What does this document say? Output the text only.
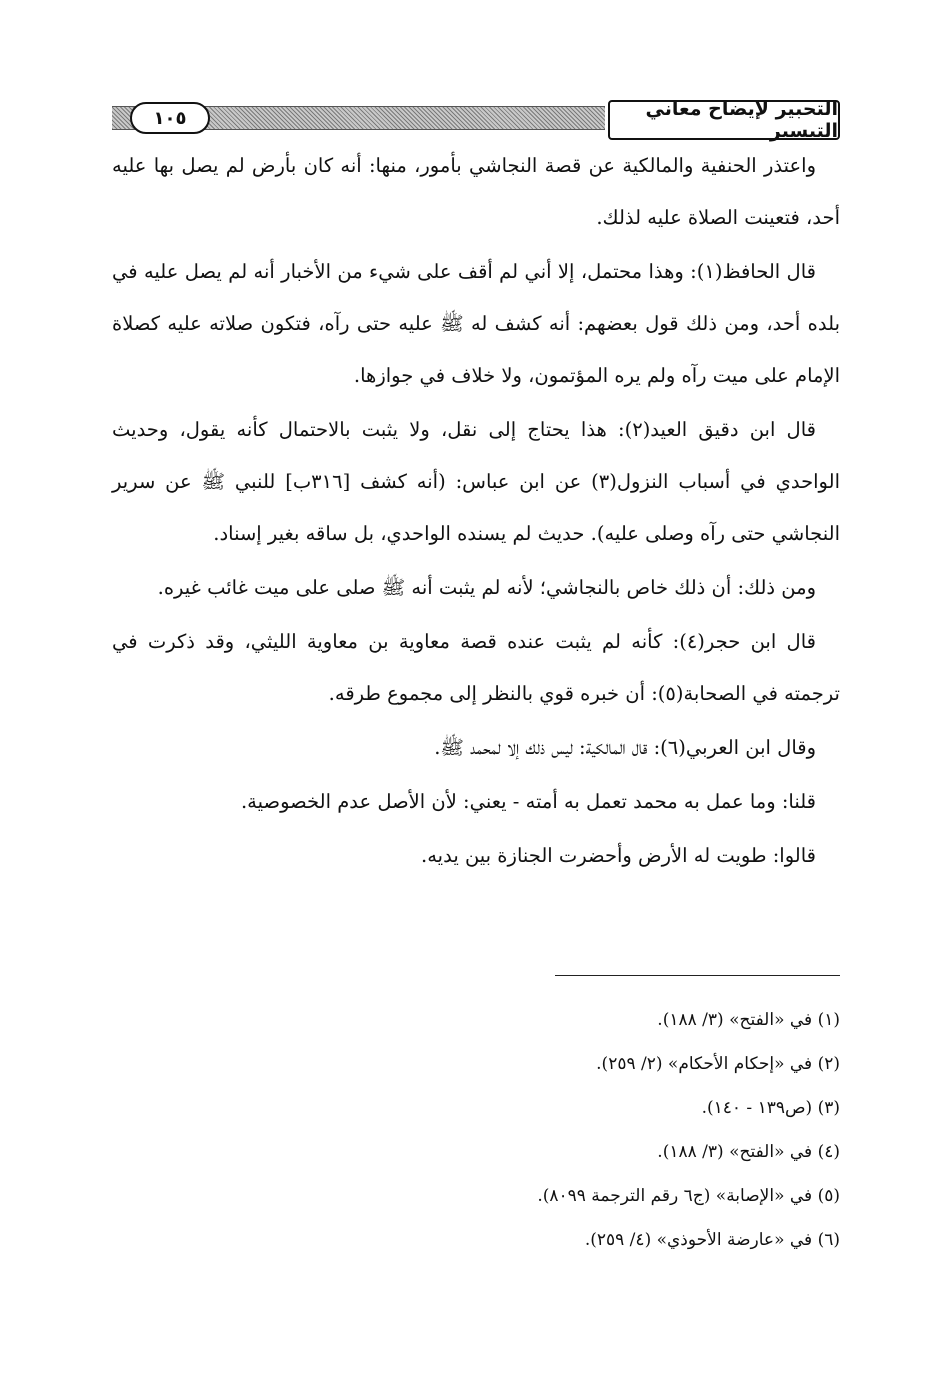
١٠٥	التحبير لإيضاح معاني التيسير

واعتذر الحنفية والمالكية عن قصة النجاشي بأمور، منها: أنه كان بأرض لم يصل بها عليه أحد، فتعينت الصلاة عليه لذلك.

قال الحافظ(١): وهذا محتمل، إلا أني لم أقف على شيء من الأخبار أنه لم يصل عليه في بلده أحد، ومن ذلك قول بعضهم: أنه كشف له ﷺ عليه حتى رآه، فتكون صلاته عليه كصلاة الإمام على ميت رآه ولم يره المؤتمون، ولا خلاف في جوازها.

قال ابن دقيق العيد(٢): هذا يحتاج إلى نقل، ولا يثبت بالاحتمال كأنه يقول، وحديث الواحدي في أسباب النزول(٣) عن ابن عباس: (أنه كشف [٣١٦ب] للنبي ﷺ عن سرير النجاشي حتى رآه وصلى عليه). حديث لم يسنده الواحدي، بل ساقه بغير إسناد.

ومن ذلك: أن ذلك خاص بالنجاشي؛ لأنه لم يثبت أنه ﷺ صلى على ميت غائب غيره.

قال ابن حجر(٤): كأنه لم يثبت عنده قصة معاوية بن معاوية الليثي، وقد ذكرت في ترجمته في الصحابة(٥): أن خبره قوي بالنظر إلى مجموع طرقه.

وقال ابن العربي(٦): قال المالكية: ليس ذلك إلا لمحمد ﷺ.

قلنا: وما عمل به محمد تعمل به أمته - يعني: لأن الأصل عدم الخصوصية.

قالوا: طويت له الأرض وأحضرت الجنازة بين يديه.

(١) في «الفتح» (٣/ ١٨٨).
(٢) في «إحكام الأحكام» (٢/ ٢٥٩).
(٣) (ص١٣٩ - ١٤٠).
(٤) في «الفتح» (٣/ ١٨٨).
(٥) في «الإصابة» (ج٦ رقم الترجمة ٨٠٩٩).
(٦) في «عارضة الأحوذي» (٤/ ٢٥٩).
